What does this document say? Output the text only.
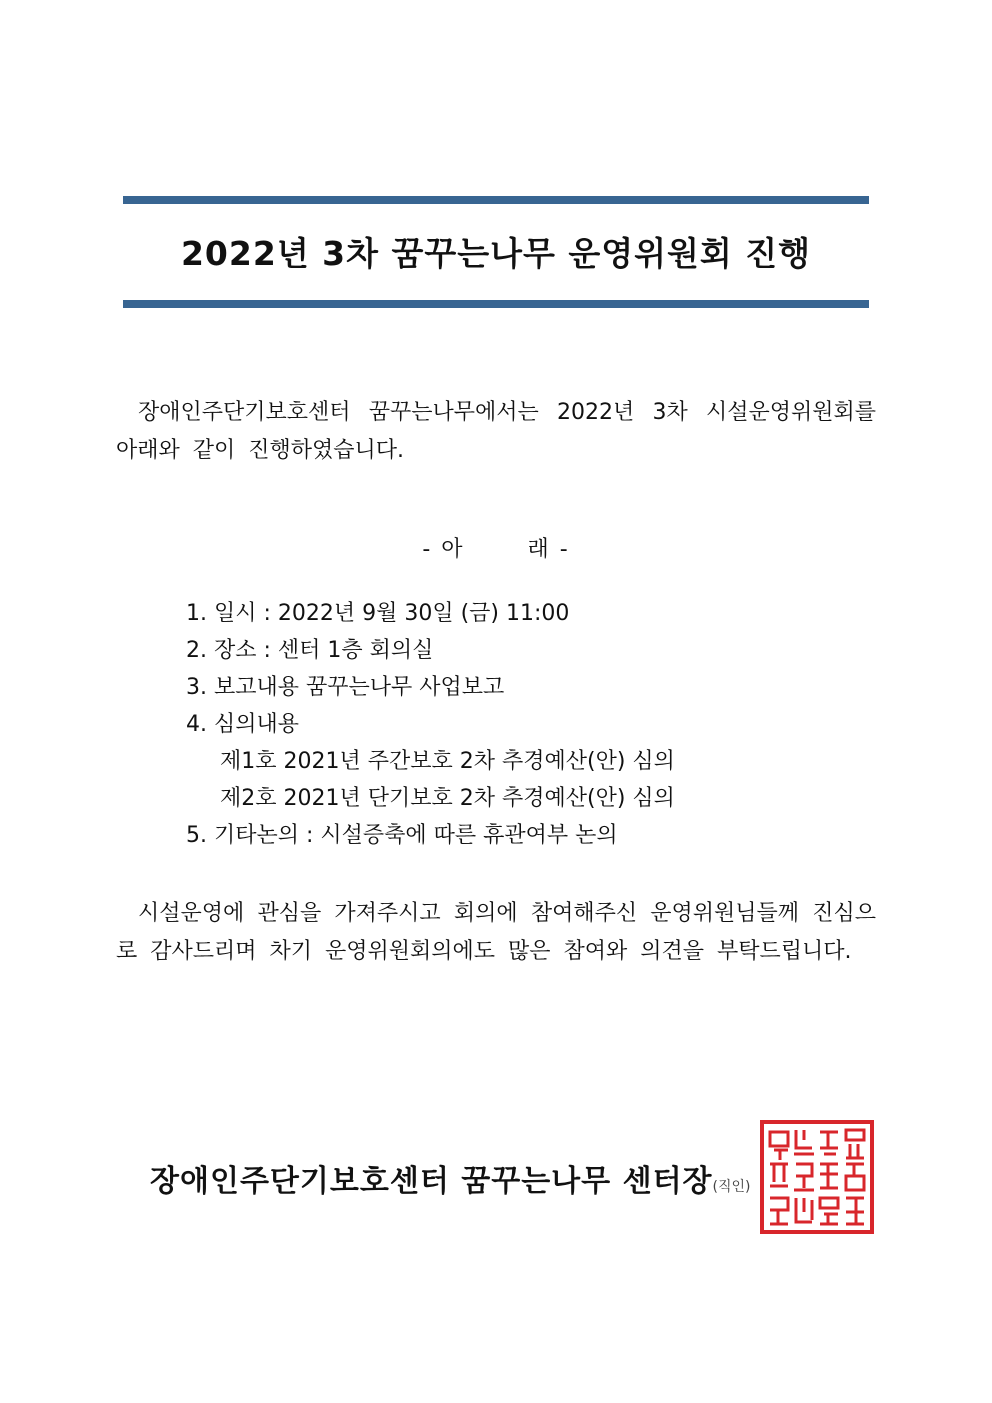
2022년 3차 꿈꾸는나무 운영위원회 진행
장애인주단기보호센터 꿈꾸는나무에서는 2022년 3차 시설운영위원회를 아래와 같이 진행하였습니다.
- 아       래 -
1. 일시 : 2022년 9월 30일 (금) 11:00
2. 장소 : 센터 1층 회의실
3. 보고내용 꿈꾸는나무 사업보고
4. 심의내용
제1호 2021년 주간보호 2차 추경예산(안) 심의
제2호 2021년 단기보호 2차 추경예산(안) 심의
5. 기타논의 : 시설증축에 따른 휴관여부 논의
시설운영에 관심을 가져주시고 회의에 참여해주신 운영위원님들께 진심으로 감사드리며 차기 운영위원회의에도 많은 참여와 의견을 부탁드립니다.
장애인주단기보호센터 꿈꾸는나무 센터장(직인)
